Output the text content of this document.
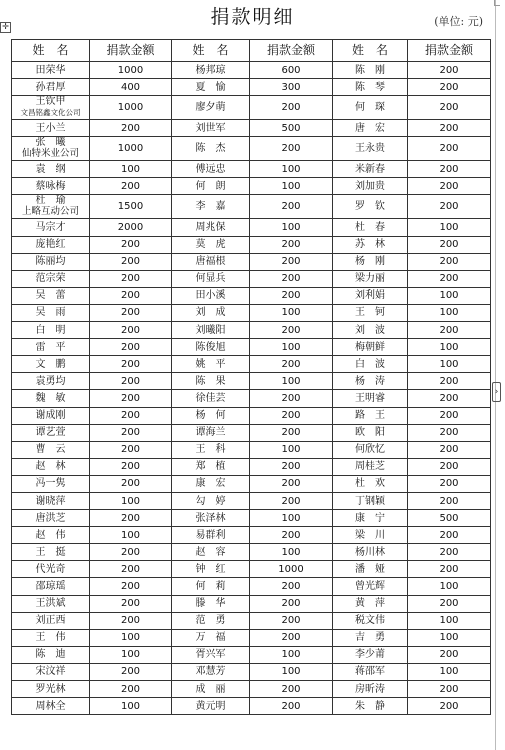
✛	捐款明细	(单位: 元)
›
姓　名	捐款金额	姓　名	捐款金额	姓　名	捐款金额
田荣华	1000	杨邦琼	600	陈　刚	200
孙君厚	400	夏　愉	300	陈　琴	200

王钦甲
文昌铭鑫文化公司	1000	廖夕萌	200	何　琛	200
王小兰	200	刘世军	500	唐　宏	200

张　曦
仙特米业公司	1000	陈　杰	200	王永贵	200
袁　纲	100	傅远忠	100	米新春	200
蔡咏梅	200	何　朗	100	刘加贵	200

杜　瑜
上略互动公司	1500	李　嘉	200	罗　钦	200
马宗才	2000	周兆保	100	杜　春	100
庞艳红	200	莫　虎	200	苏　林	200
陈丽均	200	唐福根	200	杨　刚	200
范宗荣	200	何显兵	200	梁力丽	200
吴　蕾	200	田小溪	200	刘利娟	100
吴　雨	200	刘　成	100	王　钶	100
白　明	200	刘曦阳	200	刘　波	200
雷　平	200	陈俊旭	100	梅朝鲜	100
文　鹏	200	姚　平	200	白　波	100
袁勇均	200	陈　果	100	杨　涛	200
魏　敏	200	徐佳芸	200	王明睿	200
谢成刚	200	杨　何	200	路　王	200
谭艺萱	200	谭海兰	200	欧　阳	200
曹　云	200	王　科	100	何欣忆	200
赵　林	200	郑　植	200	周桂芝	200
冯一隽	200	康　宏	200	杜　欢	200
谢晓萍	100	勾　婷	200	丁钢颖	200
唐洪芝	200	张泽林	100	康　宁	500
赵　伟	100	易群利	200	梁　川	200
王　挺	200	赵　容	100	杨川林	200
代光奇	200	钟　红	1000	潘　娅	200
邵琼瑶	200	何　莉	200	曾光辉	100
王洪斌	200	滕　华	200	黄　萍	200
刘正西	200	范　勇	200	税文伟	100
王　伟	100	万　福	200	吉　勇	100
陈　迪	100	胥兴军	100	李少莆	200
宋汶祥	200	邓慧芳	100	蒋邵军	100
罗光林	200	成　丽	200	房昕涛	200
周林全	100	黄元明	200	朱　静	200
